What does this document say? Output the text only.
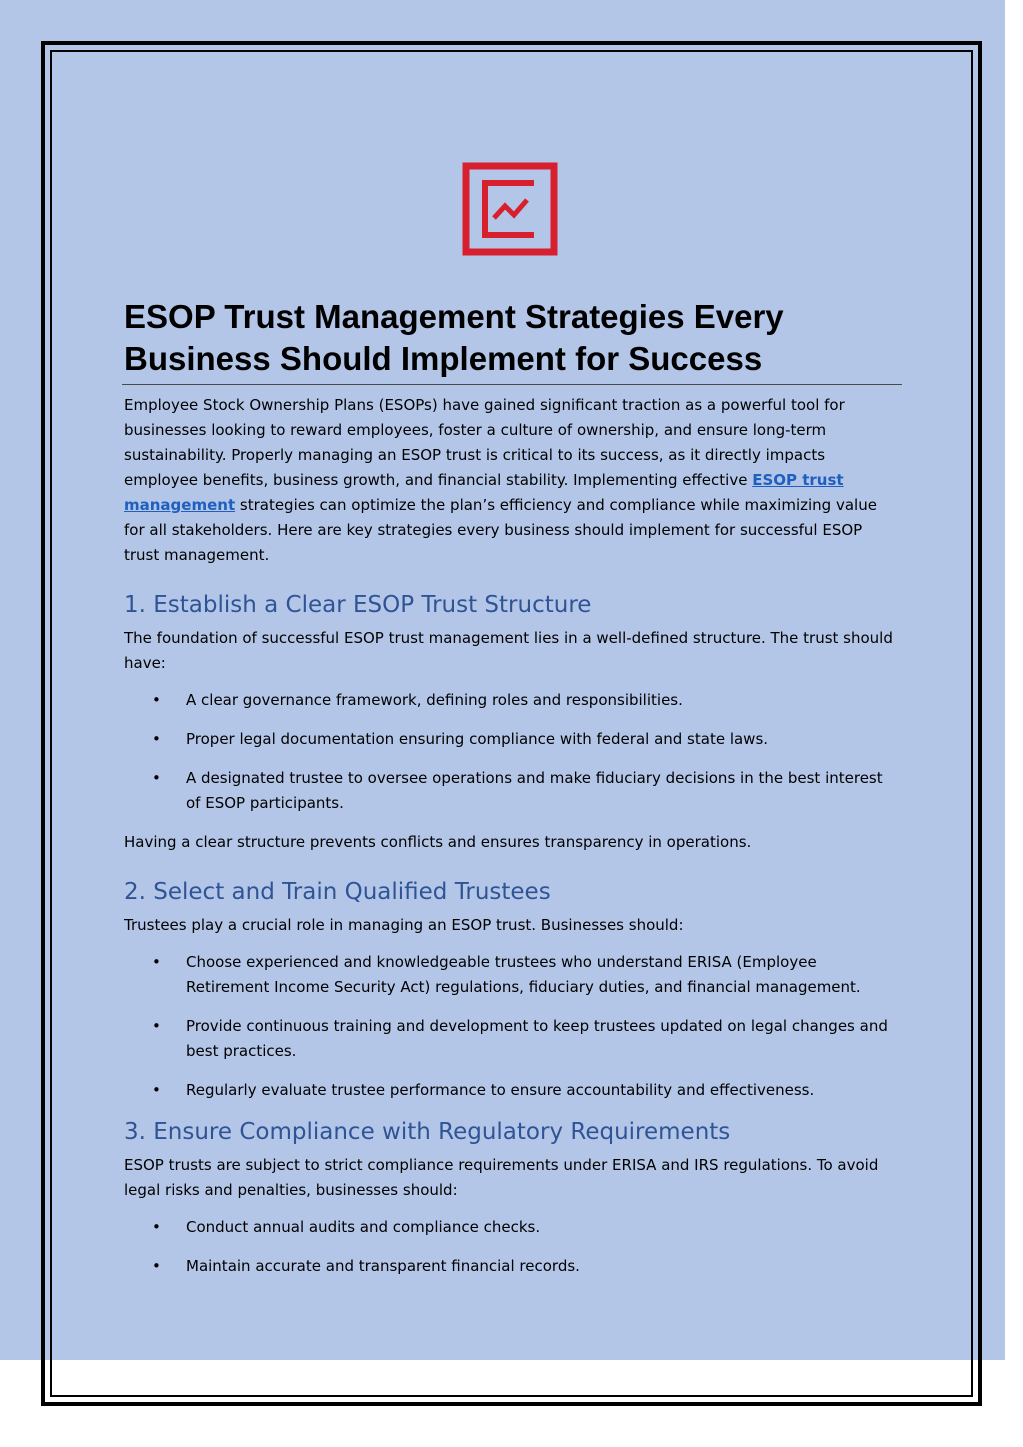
ESOP Trust Management Strategies Every Business Should Implement for Success

Employee Stock Ownership Plans (ESOPs) have gained significant traction as a powerful tool for businesses looking to reward employees, foster a culture of ownership, and ensure long-term sustainability. Properly managing an ESOP trust is critical to its success, as it directly impacts employee benefits, business growth, and financial stability. Implementing effective ESOP trust management strategies can optimize the plan’s efficiency and compliance while maximizing value for all stakeholders. Here are key strategies every business should implement for successful ESOP trust management.

1. Establish a Clear ESOP Trust Structure

The foundation of successful ESOP trust management lies in a well-defined structure. The trust should have:

• A clear governance framework, defining roles and responsibilities.
• Proper legal documentation ensuring compliance with federal and state laws.
• A designated trustee to oversee operations and make fiduciary decisions in the best interest of ESOP participants.

Having a clear structure prevents conflicts and ensures transparency in operations.

2. Select and Train Qualified Trustees

Trustees play a crucial role in managing an ESOP trust. Businesses should:

• Choose experienced and knowledgeable trustees who understand ERISA (Employee Retirement Income Security Act) regulations, fiduciary duties, and financial management.
• Provide continuous training and development to keep trustees updated on legal changes and best practices.
• Regularly evaluate trustee performance to ensure accountability and effectiveness.
3. Ensure Compliance with Regulatory Requirements

ESOP trusts are subject to strict compliance requirements under ERISA and IRS regulations. To avoid legal risks and penalties, businesses should:

• Conduct annual audits and compliance checks.
• Maintain accurate and transparent financial records.
